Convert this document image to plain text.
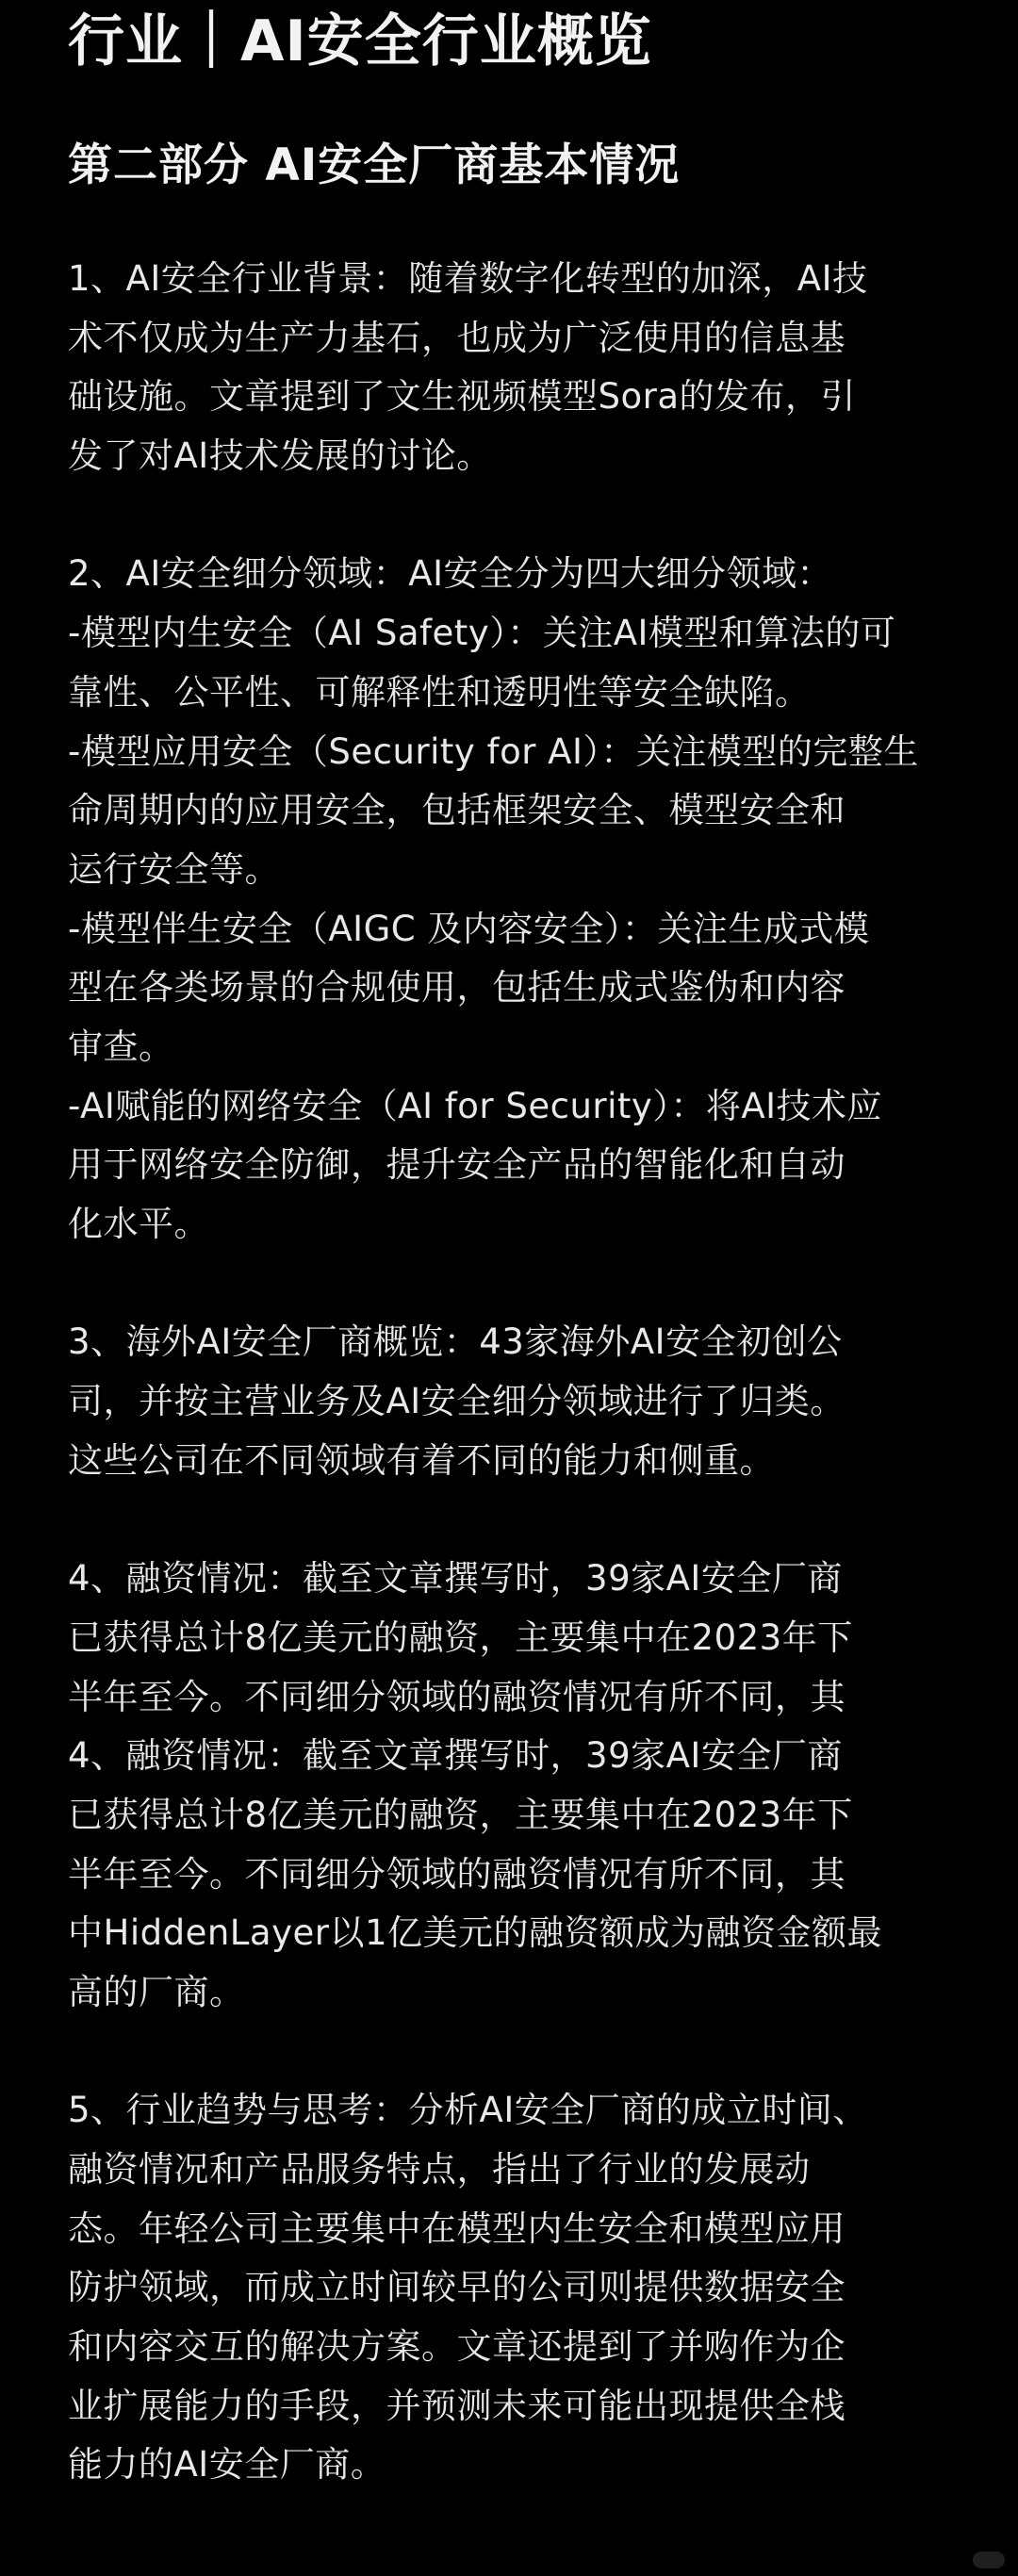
行业｜AI安全行业概览
第二部分 AI安全厂商基本情况
1、AI安全行业背景：随着数字化转型的加深，AI技
术不仅成为生产力基石，也成为广泛使用的信息基
础设施。文章提到了文生视频模型Sora的发布，引
发了对AI技术发展的讨论。
2、AI安全细分领域：AI安全分为四大细分领域：
-模型内生安全（AI Safety）：关注AI模型和算法的可
靠性、公平性、可解释性和透明性等安全缺陷。
-模型应用安全（Security for AI）：关注模型的完整生
命周期内的应用安全，包括框架安全、模型安全和
运行安全等。
-模型伴生安全（AIGC 及内容安全）：关注生成式模
型在各类场景的合规使用，包括生成式鉴伪和内容
审查。
-AI赋能的网络安全（AI for Security）：将AI技术应
用于网络安全防御，提升安全产品的智能化和自动
化水平。
3、海外AI安全厂商概览：43家海外AI安全初创公
司，并按主营业务及AI安全细分领域进行了归类。
这些公司在不同领域有着不同的能力和侧重。
4、融资情况：截至文章撰写时，39家AI安全厂商
已获得总计8亿美元的融资，主要集中在2023年下
半年至今。不同细分领域的融资情况有所不同，其
4、融资情况：截至文章撰写时，39家AI安全厂商
已获得总计8亿美元的融资，主要集中在2023年下
半年至今。不同细分领域的融资情况有所不同，其
中HiddenLayer以1亿美元的融资额成为融资金额最
高的厂商。
5、行业趋势与思考：分析AI安全厂商的成立时间、
融资情况和产品服务特点，指出了行业的发展动
态。年轻公司主要集中在模型内生安全和模型应用
防护领域，而成立时间较早的公司则提供数据安全
和内容交互的解决方案。文章还提到了并购作为企
业扩展能力的手段，并预测未来可能出现提供全栈
能力的AI安全厂商。
